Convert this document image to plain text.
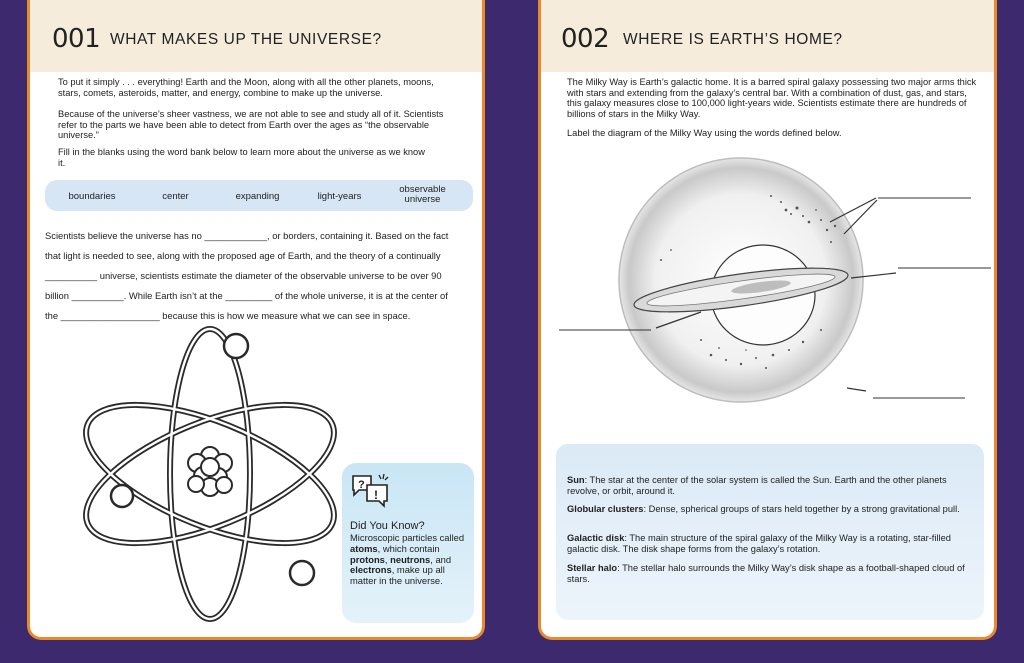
001 WHAT MAKES UP THE UNIVERSE?

To put it simply . . . everything! Earth and the Moon, along with all the other planets, moons, stars, comets, asteroids, matter, and energy, combine to make up the universe.

Because of the universe’s sheer vastness, we are not able to see and study all of it. Scientists refer to the parts we have been able to detect from Earth over the ages as “the observable universe.”

Fill in the blanks using the word bank below to learn more about the universe as we know it.

boundaries	center	expanding	light-years
observable universe
Scientists believe the universe has no ____________, or borders, containing it. Based on the fact that light is needed to see, along with the proposed age of Earth, and the theory of a continually __________ universe, scientists estimate the diameter of the observable universe to be over 90 billion __________. While Earth isn’t at the _________ of the whole universe, it is at the center of the ___________________ because this is how we measure what we can see in space.
?
!
Did You Know?
Microscopic particles called atoms, which contain protons, neutrons, and electrons, make up all matter in the universe.
002 WHERE IS EARTH’S HOME?

The Milky Way is Earth’s galactic home. It is a barred spiral galaxy possessing two major arms thick with stars and extending from the galaxy’s central bar. With a combination of dust, gas, and stars, this galaxy measures close to 100,000 light-years wide. Scientists estimate there are hundreds of billions of stars in the Milky Way.

Label the diagram of the Milky Way using the words defined below.

Sun: The star at the center of the solar system is called the Sun. Earth and the other planets revolve, or orbit, around it.
Globular clusters: Dense, spherical groups of stars held together by a strong gravitational pull.
Galactic disk: The main structure of the spiral galaxy of the Milky Way is a rotating, star-filled galactic disk. The disk shape forms from the galaxy’s rotation.
Stellar halo: The stellar halo surrounds the Milky Way’s disk shape as a football-shaped cloud of stars.
